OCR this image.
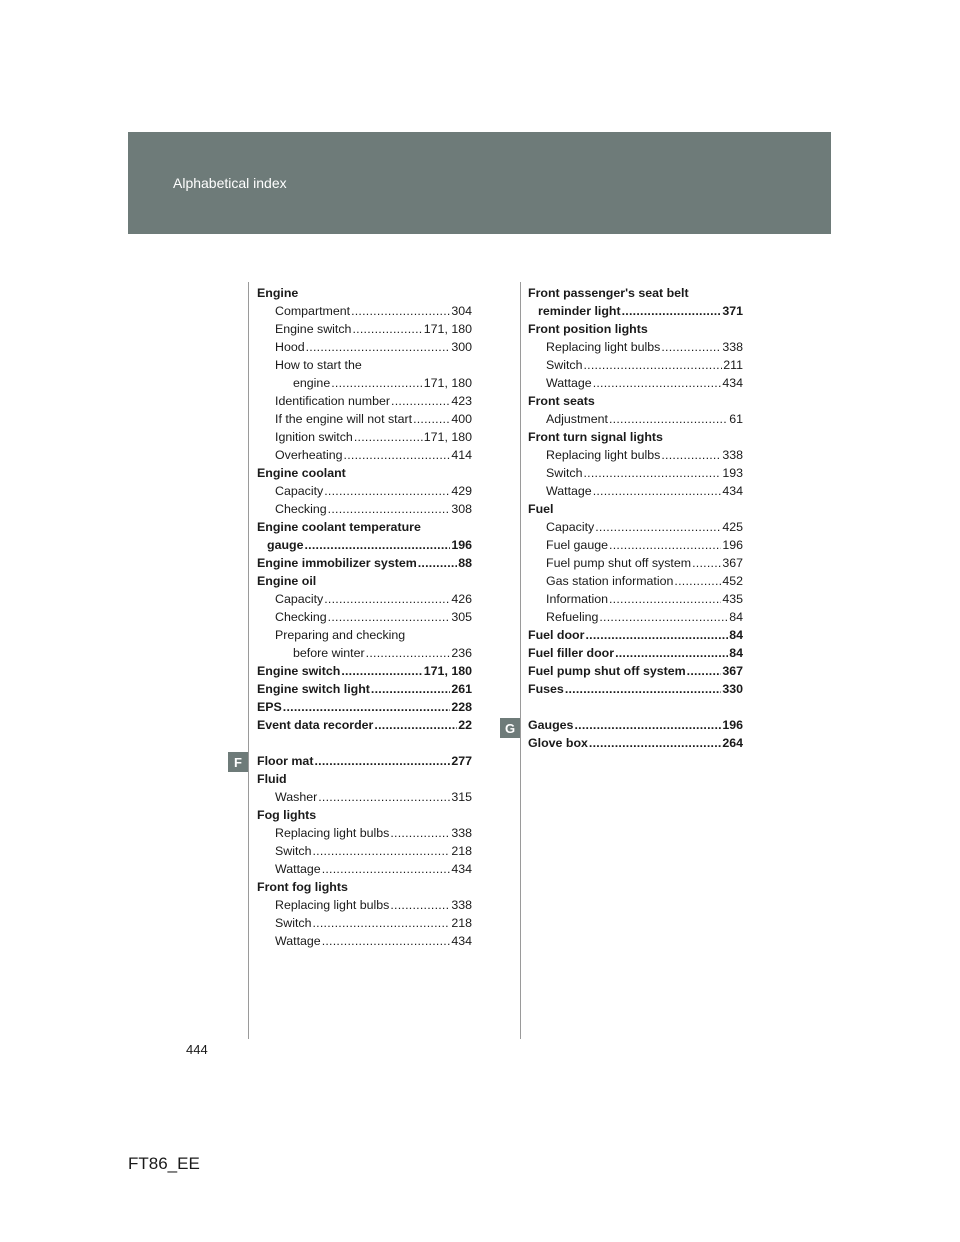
Alphabetical index
Engine
Compartment . . .	304
Engine switch . . .	171, 180
Hood . . .	300
How to start the
engine . . .	171, 180
Identification number . . .	423
If the engine will not start . . .	400
Ignition switch . . .	171, 180
Overheating . . .	414
Engine coolant
Capacity . . .	429
Checking . . .	308
Engine coolant temperature
gauge . . .	196
Engine immobilizer system . . .	88
Engine oil
Capacity . . .	426
Checking . . .	305
Preparing and checking
before winter . . .	236
Engine switch . . .	171, 180
Engine switch light . . .	261
EPS . . .	228
Event data recorder . . .	22
Floor mat . . .	277
Fluid
Washer . . .	315
Fog lights
Replacing light bulbs . . .	338
Switch . . .	218
Wattage . . .	434
Front fog lights
Replacing light bulbs . . .	338
Switch . . .	218
Wattage . . .	434
Front passenger's seat belt
reminder light . . .	371
Front position lights
Replacing light bulbs . . .	338
Switch . . .	211
Wattage . . .	434
Front seats
Adjustment . . .	61
Front turn signal lights
Replacing light bulbs . . .	338
Switch . . .	193
Wattage . . .	434
Fuel
Capacity . . .	425
Fuel gauge . . .	196
Fuel pump shut off system . . .	367
Gas station information . . .	452
Information . . .	435
Refueling . . .	84
Fuel door . . .	84
Fuel filler door . . .	84
Fuel pump shut off system . . .	367
Fuses . . .	330
Gauges . . .	196
Glove box . . .	264
F
G
444
FT86_EE
